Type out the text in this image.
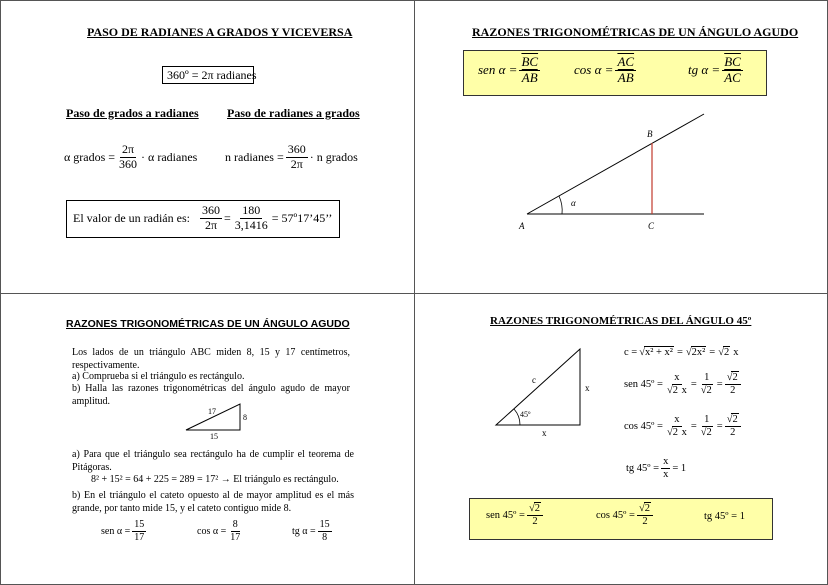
PASO DE RADIANES A GRADOS Y VICEVERSA
360º = 2π radianes
Paso de grados a radianes Paso de radianes a grados
α grados = $\frac{2\pi}{360} \cdot \alpha$ radianes n radianes = $\frac{360}{2\pi} \cdot n$ grados
El valor de un radián es: $\frac{360}{2\pi} = \frac{180}{3,1416}$ = 57º17’45’’
RAZONES TRIGONOMÉTRICAS DE UN ÁNGULO AGUDO
sen $\alpha = \frac{\overline{BC}}{AB}$	$\cos \alpha = \frac{\overline{AC}}{AB}$	tg $\alpha = \frac{\overline{BC}}{AC}$
A
B
C
α
RAZONES TRIGONOMÉTRICAS DE UN ÁNGULO AGUDO
Los lados de un triángulo ABC miden 8, 15 y 17 centímetros, respectivamente.
a) Comprueba si el triángulo es rectángulo.
b) Halla las razones trigonométricas del ángulo agudo de mayor amplitud.
17
8
15
a) Para que el triángulo sea rectángulo ha de cumplir el teorema de Pitágoras.
8² + 15² = 64 + 225 = 289 = 17² → El triángulo es rectángulo.
b) En el triángulo el cateto opuesto al de mayor amplitud es el más grande, por tanto mide 15, y el cateto contiguo mide 8.
sen $\alpha = \frac{15}{17}$	$\cos \alpha = \frac{8}{17}$	tg $\alpha = \frac{15}{8}$
RAZONES TRIGONOMÉTRICAS DEL ÁNGULO 45º
c
x
x
45º
c = √ x² + x² = √ 2x² = √ 2 x
sen 45º = $\frac{x}{√2 x} = \frac{1}{√2} = \frac{√2}{2}$
cos 45º = $\frac{x}{√2 x} = \frac{1}{√2} = \frac{√2}{2}$
tg 45º = $\frac{x}{x} = 1$
sen 45º = $\frac{√2}{2}$	cos 45º = $\frac{√2}{2}$	tg 45º = 1
